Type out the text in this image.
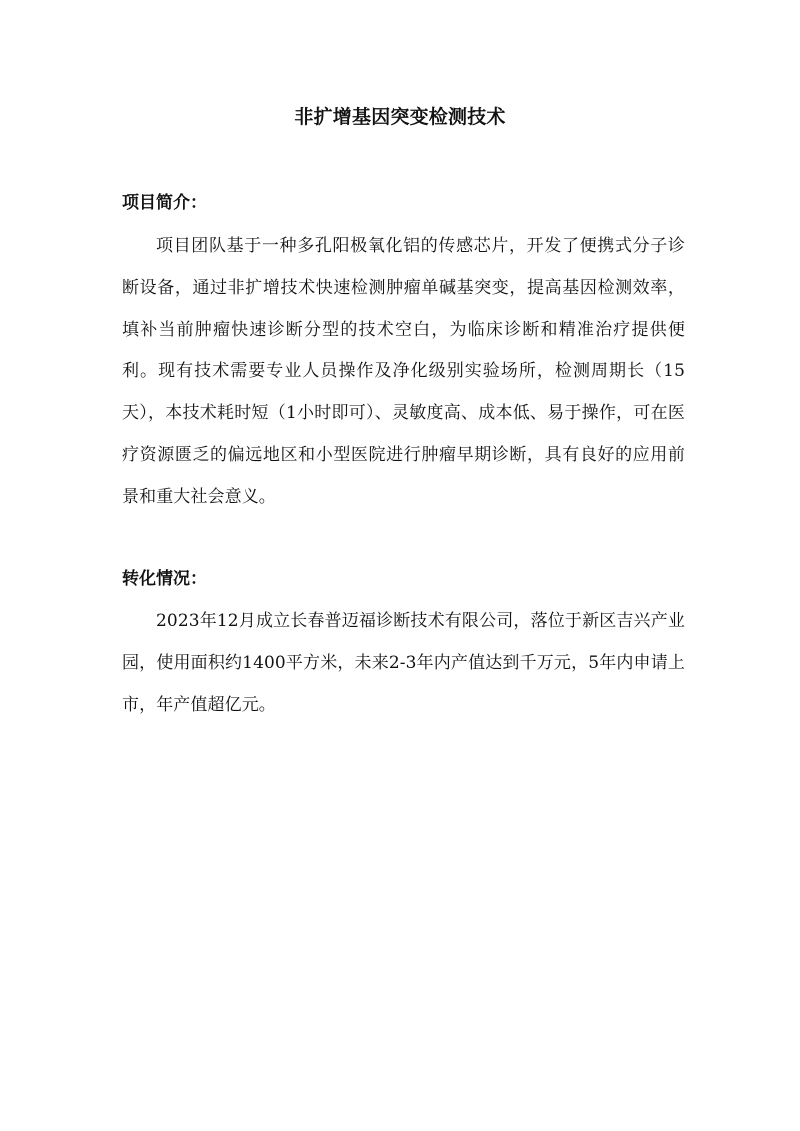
非扩增基因突变检测技术
项目简介：
项目团队基于一种多孔阳极氧化铝的传感芯片，开发了便携式分子诊断设备，通过非扩增技术快速检测肿瘤单碱基突变，提高基因检测效率，填补当前肿瘤快速诊断分型的技术空白，为临床诊断和精准治疗提供便利。现有技术需要专业人员操作及净化级别实验场所，检测周期长（15天），本技术耗时短（1小时即可）、灵敏度高、成本低、易于操作，可在医疗资源匮乏的偏远地区和小型医院进行肿瘤早期诊断，具有良好的应用前景和重大社会意义。
转化情况：
2023年12月成立长春普迈福诊断技术有限公司，落位于新区吉兴产业园，使用面积约1400平方米，未来2-3年内产值达到千万元，5年内申请上市，年产值超亿元。
